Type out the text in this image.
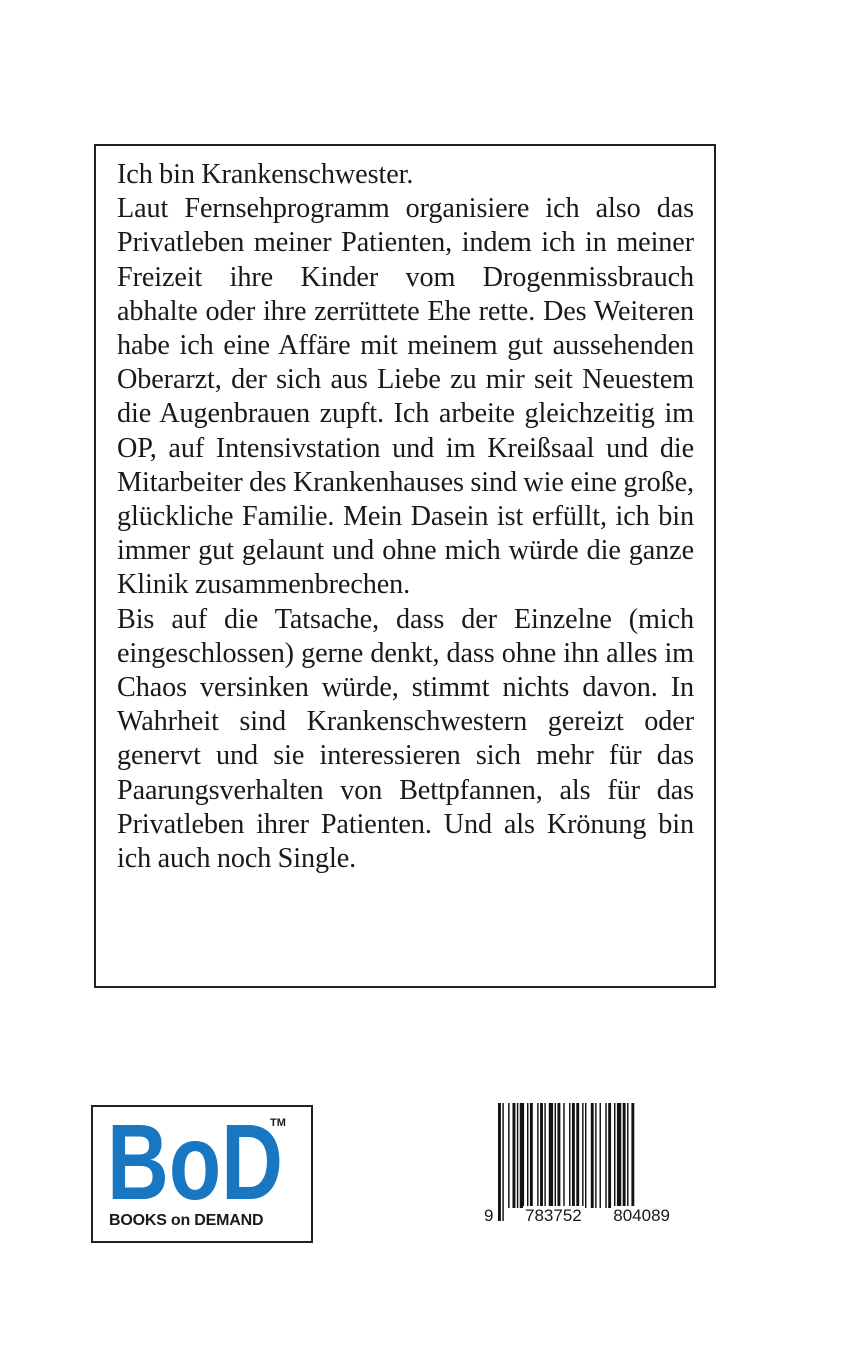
Ich bin Krankenschwester.

Laut Fernsehprogramm organisiere ich also das Privatleben meiner Patienten, indem ich in meiner Freizeit ihre Kinder vom Drogenmissbrauch abhalte oder ihre zerrüttete Ehe rette. Des Weiteren habe ich eine Affäre mit meinem gut aussehenden Oberarzt, der sich aus Liebe zu mir seit Neuestem die Augenbrauen zupft. Ich arbeite gleichzeitig im OP, auf Intensivstation und im Kreißsaal und die Mitarbeiter des Krankenhauses sind wie eine große, glückliche Familie. Mein Dasein ist erfüllt, ich bin immer gut gelaunt und ohne mich würde die ganze Klinik zusammenbrechen.

Bis auf die Tatsache, dass der Einzelne (mich eingeschlossen) gerne denkt, dass ohne ihn alles im Chaos versinken würde, stimmt nichts davon. In Wahrheit sind Krankenschwestern gereizt oder genervt und sie interessieren sich mehr für das Paarungsverhalten von Bettpfannen, als für das Privatleben ihrer Patienten. Und als Krönung bin ich auch noch Single.

BoD
TM
BOOKS on DEMAND	9 783752 804089
